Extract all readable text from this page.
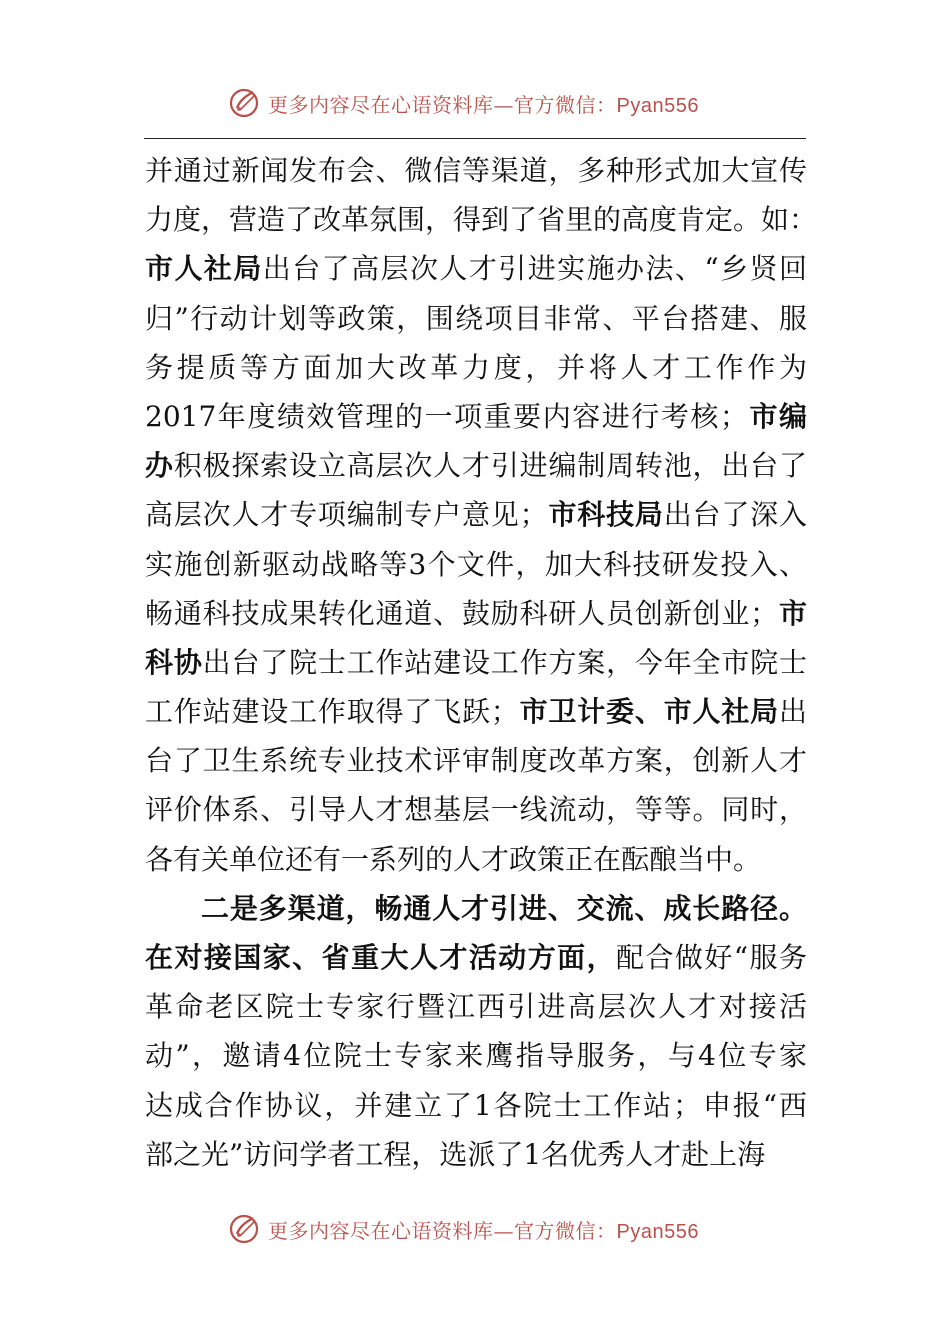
更多内容尽在心语资料库—官方微信：Pyan556
并通过新闻发布会、微信等渠道，多种形式加大宣传
力度，营造了改革氛围，得到了省里的高度肯定。如：
市人社局出台了高层次人才引进实施办法、“乡贤回
归”行动计划等政策，围绕项目非常、平台搭建、服
务提质等方面加大改革力度，并将人才工作作为
2017年度绩效管理的一项重要内容进行考核；市编
办积极探索设立高层次人才引进编制周转池，出台了
高层次人才专项编制专户意见；市科技局出台了深入
实施创新驱动战略等3个文件，加大科技研发投入、
畅通科技成果转化通道、鼓励科研人员创新创业；市
科协出台了院士工作站建设工作方案，今年全市院士
工作站建设工作取得了飞跃；市卫计委、市人社局出
台了卫生系统专业技术评审制度改革方案，创新人才
评价体系、引导人才想基层一线流动，等等。同时，
各有关单位还有一系列的人才政策正在酝酿当中。
二是多渠道，畅通人才引进、交流、成长路径。
在对接国家、省重大人才活动方面，配合做好“服务
革命老区院士专家行暨江西引进高层次人才对接活
动”，邀请4位院士专家来鹰指导服务，与4位专家
达成合作协议，并建立了1各院士工作站；申报“西
部之光”访问学者工程，选派了1名优秀人才赴上海
更多内容尽在心语资料库—官方微信：Pyan556
